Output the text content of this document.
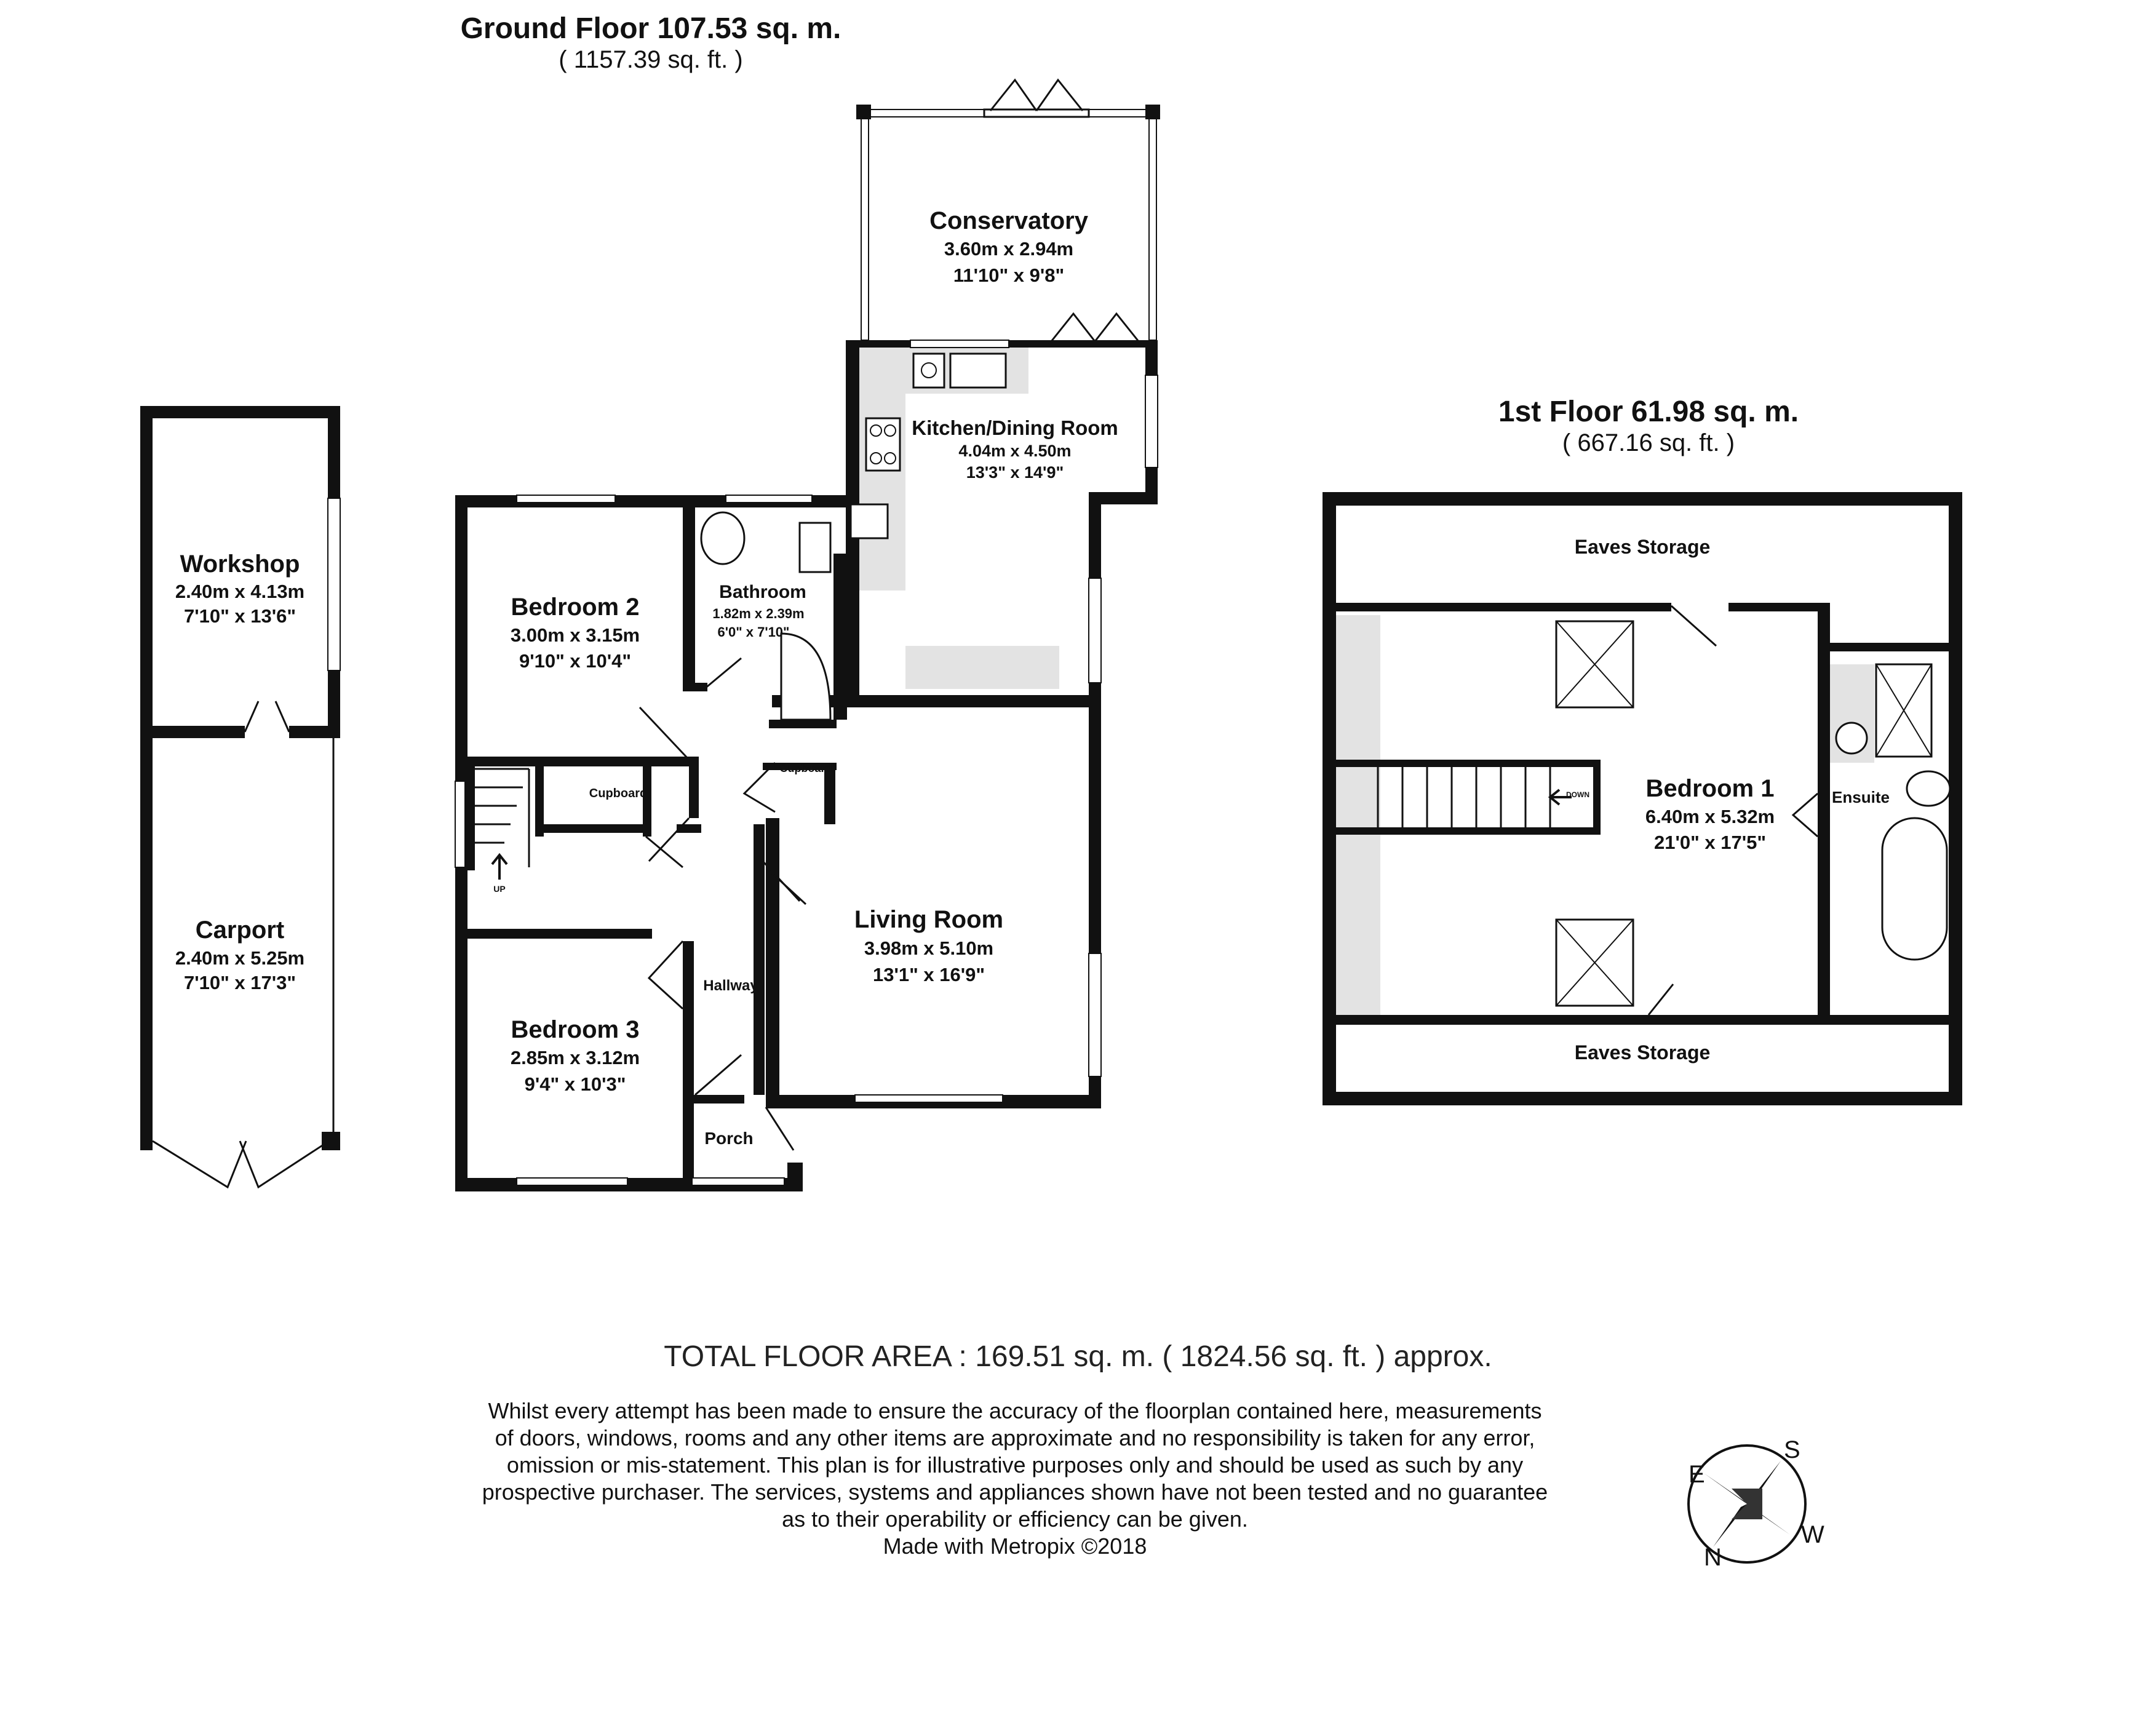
Ground Floor 107.53 sq. m.
( 1157.39 sq. ft. )
1st Floor 61.98 sq. m.
( 667.16 sq. ft. )
Workshop
2.40m x 4.13m
7'10" x 13'6"
Carport
2.40m x 5.25m
7'10" x 17'3"
UP
Conservatory
3.60m x 2.94m
11'10" x 9'8"
Kitchen/Dining Room
4.04m x 4.50m
13'3" x 14'9"
Bedroom 2
3.00m x 3.15m
9'10" x 10'4"
Bathroom
1.82m x 2.39m
6'0" x 7'10"
Cupboard
Cupboard
Living Room
3.98m x 5.10m
13'1" x 16'9"
Hallway
Bedroom 3
2.85m x 3.12m
9'4" x 10'3"
Porch
DOWN
Eaves Storage
Eaves Storage
Bedroom 1
6.40m x 5.32m
21'0" x 17'5"
Ensuite
S
W
N
E
TOTAL FLOOR AREA : 169.51 sq. m. ( 1824.56 sq. ft. ) approx.
Whilst every attempt has been made to ensure the accuracy of the floorplan contained here, measurements
of doors, windows, rooms and any other items are approximate and no responsibility is taken for any error,
omission or mis-statement. This plan is for illustrative purposes only and should be used as such by any
prospective purchaser. The services, systems and appliances shown have not been tested and no guarantee
as to their operability or efficiency can be given.
Made with Metropix ©2018
